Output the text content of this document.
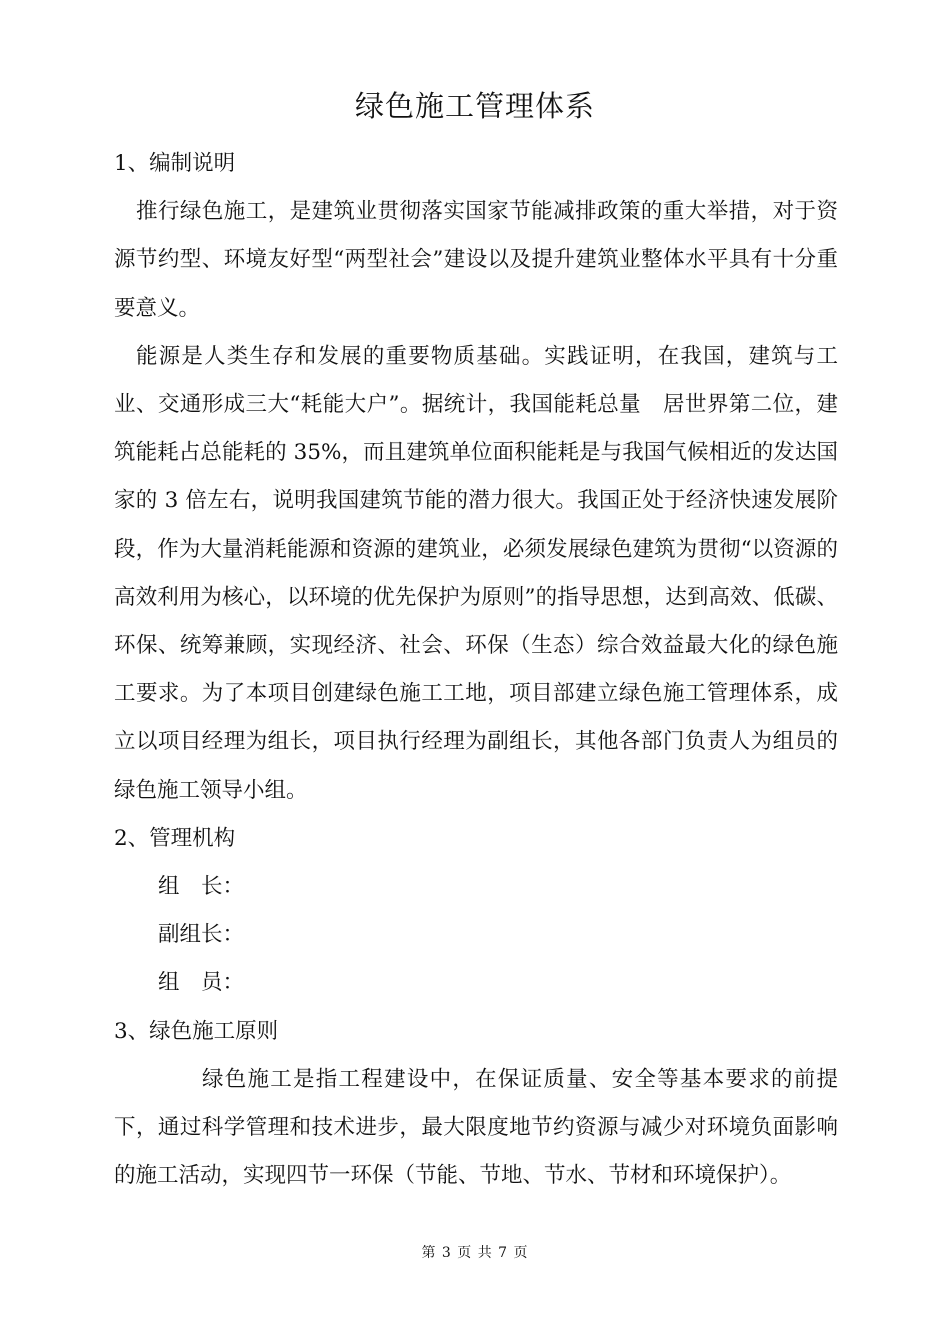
绿色施工管理体系

1、编制说明

推行绿色施工，是建筑业贯彻落实国家节能减排政策的重大举措，对于资源节约型、环境友好型“两型社会”建设以及提升建筑业整体水平具有十分重要意义。

能源是人类生存和发展的重要物质基础。实践证明，在我国，建筑与工业、交通形成三大“耗能大户”。据统计，我国能耗总量　居世界第二位，建筑能耗占总能耗的 35%，而且建筑单位面积能耗是与我国气候相近的发达国家的 3 倍左右，说明我国建筑节能的潜力很大。我国正处于经济快速发展阶段，作为大量消耗能源和资源的建筑业，必须发展绿色建筑为贯彻“以资源的高效利用为核心，以环境的优先保护为原则”的指导思想，达到高效、低碳、环保、统筹兼顾，实现经济、社会、环保（生态）综合效益最大化的绿色施工要求。为了本项目创建绿色施工工地，项目部建立绿色施工管理体系，成立以项目经理为组长，项目执行经理为副组长，其他各部门负责人为组员的绿色施工领导小组。

2、管理机构

组　长：

副组长：

组　员：

3、绿色施工原则

绿色施工是指工程建设中，在保证质量、安全等基本要求的前提下，通过科学管理和技术进步，最大限度地节约资源与减少对环境负面影响的施工活动，实现四节一环保（节能、节地、节水、节材和环境保护）。

第 3 页 共 7 页
